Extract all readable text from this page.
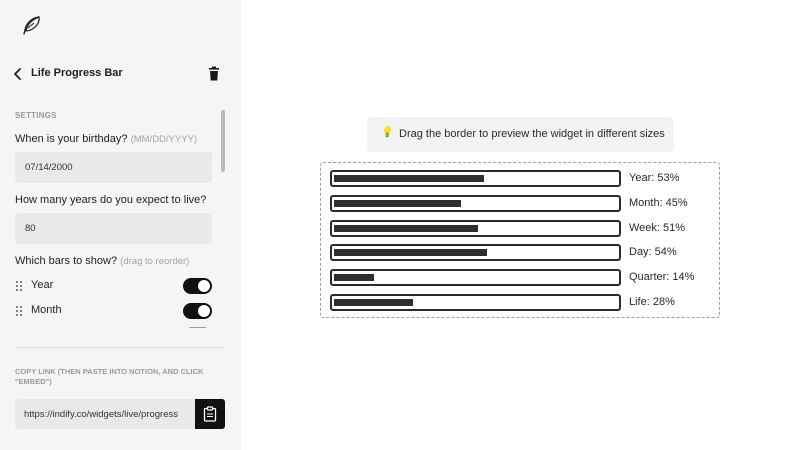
Life Progress Bar
SETTINGS
When is your birthday? (MM/DD/YYYY)
07/14/2000
How many years do you expect to live?
80
Which bars to show? (drag to reorder)
Year
Month
COPY LINK (THEN PASTE INTO NOTION, AND CLICK "EMBED")
https://indify.co/widgets/live/progress
💡 Drag the border to preview the widget in different sizes
Year: 53%
Month: 45%
Week: 51%
Day: 54%
Quarter: 14%
Life: 28%
